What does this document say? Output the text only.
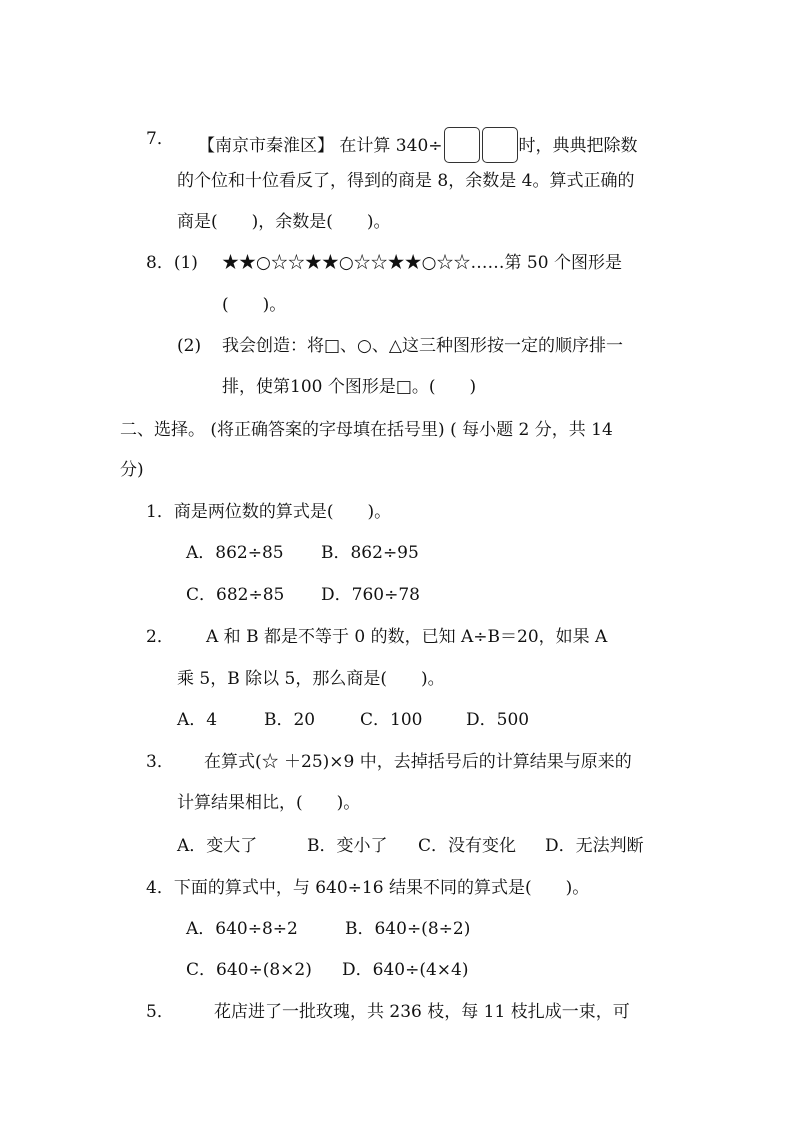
7． 【南京市秦淮区】 在计算 340÷	时，典典把除数
的个位和十位看反了，得到的商是 8，余数是 4。算式正确的
商是(　　)，余数是(　　)。
8．(1) ★★○☆☆★★○☆☆★★○☆☆……第 50 个图形是
(　　)。
(2) 我会创造：将□、○、△这三种图形按一定的顺序排一
排，使第100 个图形是□。(　　)
二、选择。 (将正确答案的字母填在括号里) ( 每小题 2 分，共 14
分)
1．商是两位数的算式是(　　)。
A．862÷85 B．862÷95
C．682÷85 D．760÷78
2． A 和 B 都是不等于 0 的数，已知 A÷B＝20，如果 A
乘 5，B 除以 5，那么商是(　　)。
A．4	B．20	C．100	D．500
3． 在算式(☆ ＋25)×9 中，去掉括号后的计算结果与原来的
计算结果相比，(　　)。
A．变大了	B．变小了 C．没有变化 D．无法判断
4．下面的算式中，与 640÷16 结果不同的算式是(　　)。
A．640÷8÷2	B．640÷(8÷2)
C．640÷(8×2) D．640÷(4×4)
5． 花店进了一批玫瑰，共 236 枝，每 11 枝扎成一束，可
